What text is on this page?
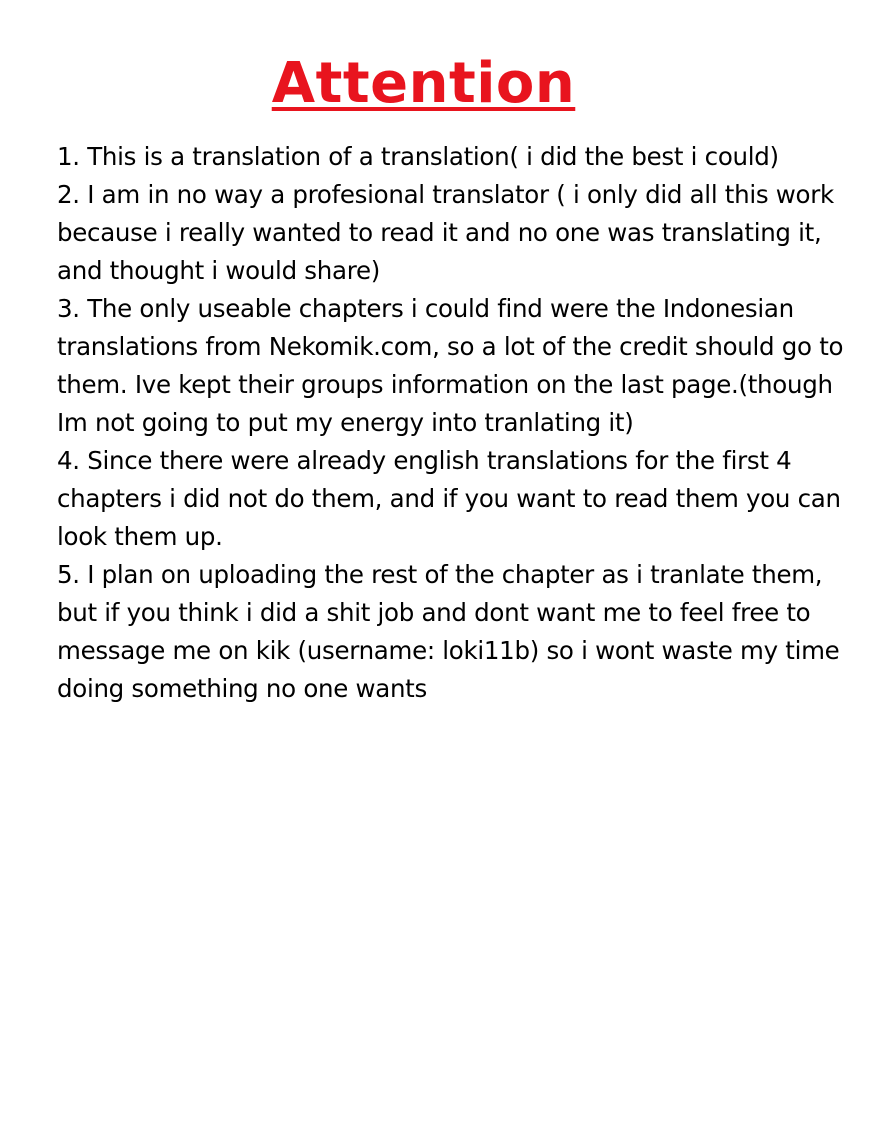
Attention
1. This is a translation of a translation( i did the best i could)
2. I am in no way a profesional translator ( i only did all this work because i really wanted to read it and no one was translating it, and thought i would share)
3. The only useable chapters i could find were the Indonesian translations from Nekomik.com, so a lot of the credit should go to them. Ive kept their groups information on the last page.(though Im not going to put my energy into tranlating it)
4. Since there were already english translations for the first 4 chapters i did not do them, and if you want to read them you can look them up.
5. I plan on uploading the rest of the chapter as i tranlate them, but if you think i did a shit job and dont want me to feel free to message me on kik (username: loki11b) so i wont waste my time doing something no one wants
